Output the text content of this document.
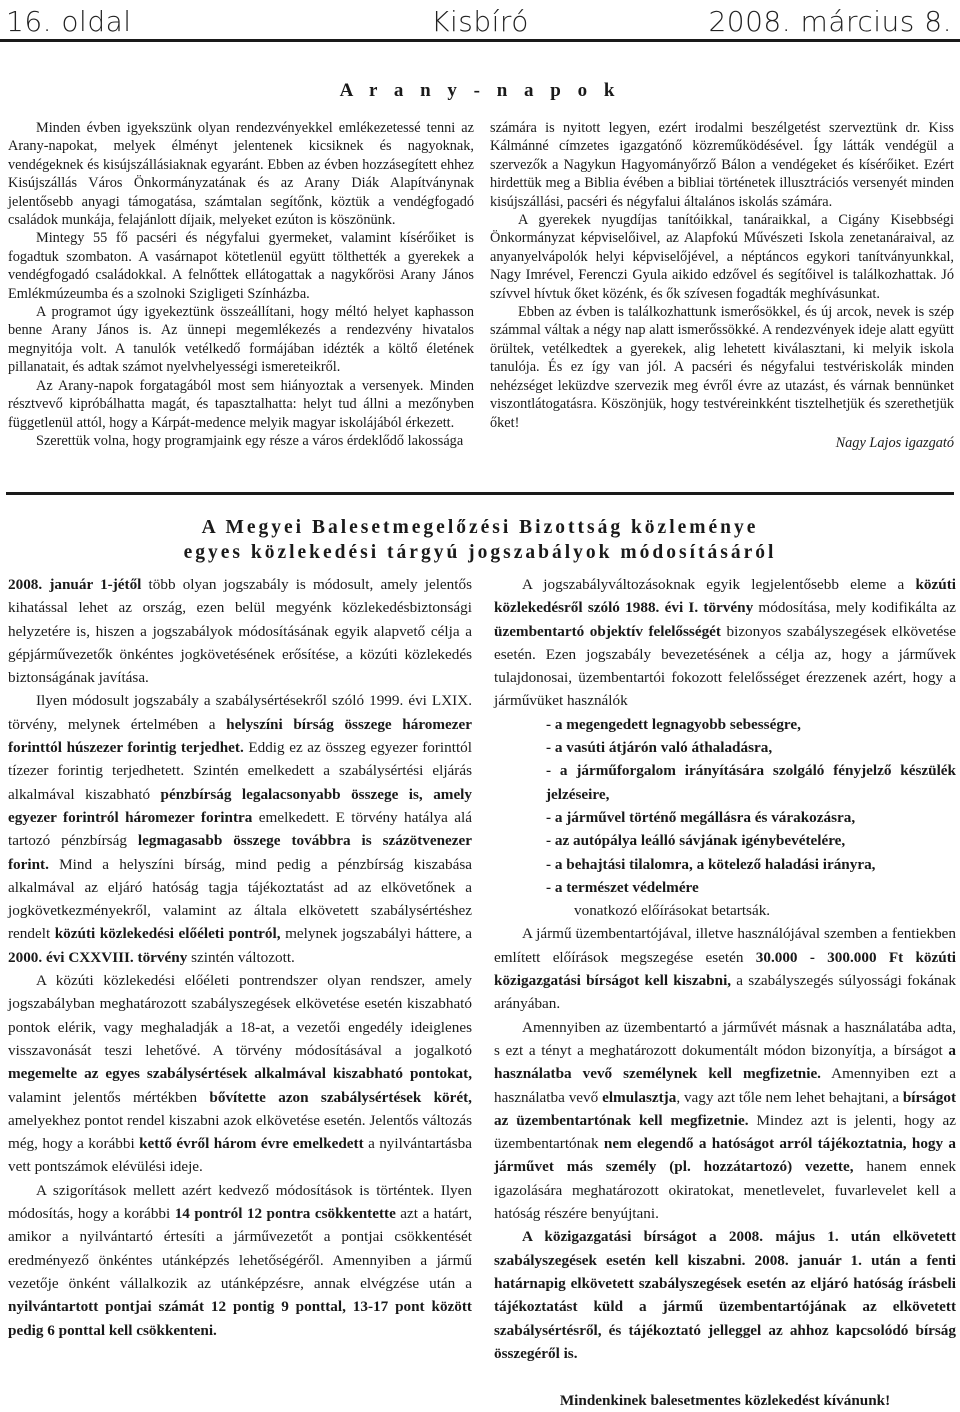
16. oldal	Kisbíró	2008. március 8.
A r a n y - n a p o k

Minden évben igyekszünk olyan rendezvényekkel emlékezetessé tenni az Arany-napokat, melyek élményt jelentenek kicsiknek és nagyoknak, vendégeknek és kisújszállásiaknak egyaránt. Ebben az évben hozzásegített ehhez Kisújszállás Város Önkormányzatának és az Arany Diák Alapítványnak jelentősebb anyagi támogatása, számtalan segítőnk, köztük a vendégfogadó családok munkája, felajánlott díjaik, melyeket ezúton is köszönünk.

Mintegy 55 fő pacséri és négyfalui gyermeket, valamint kísérőiket is fogadtuk szombaton. A vasárnapot kötetlenül együtt tölthették a gyerekek a vendégfogadó családokkal. A felnőttek ellátogattak a nagykőrösi Arany János Emlékmúzeumba és a szolnoki Szigligeti Színházba.

A programot úgy igyekeztünk összeállítani, hogy méltó helyet kaphasson benne Arany János is. Az ünnepi megemlékezés a rendezvény hivatalos megnyitója volt. A tanulók vetélkedő formájában idézték a költő életének pillanatait, és adtak számot nyelvhelyességi ismereteikről.

Az Arany-napok forgatagából most sem hiányoztak a versenyek. Minden résztvevő kipróbálhatta magát, és tapasztalhatta: helyt tud állni a mezőnyben függetlenül attól, hogy a Kárpát-medence melyik magyar iskolájából érkezett.

Szerettük volna, hogy programjaink egy része a város érdeklődő lakossága

számára is nyitott legyen, ezért irodalmi beszélgetést szerveztünk dr. Kiss Kálmánné címzetes igazgatónő közreműködésével. Így látták vendégül a szervezők a Nagykun Hagyományőrző Bálon a vendégeket és kísérőiket. Ezért hirdettük meg a Biblia évében a bibliai történetek illusztrációs versenyét minden kisújszállási, pacséri és négyfalui általános iskolás számára.

A gyerekek nyugdíjas tanítóikkal, tanáraikkal, a Cigány Kisebbségi Önkormányzat képviselőivel, az Alapfokú Művészeti Iskola zenetanáraival, az anyanyelvápolók helyi képviselőjével, a néptáncos egykori tanítványunkkal, Nagy Imrével, Ferenczi Gyula aikido edzővel és segítőivel is találkozhattak. Jó szívvel hívtuk őket közénk, és ők szívesen fogadták meghívásunkat.

Ebben az évben is találkozhattunk ismerősökkel, és új arcok, nevek is szép számmal váltak a négy nap alatt ismerőssökké. A rendezvények ideje alatt együtt örültek, vetélkedtek a gyerekek, alig lehetett kiválasztani, ki melyik iskola tanulója. És ez így van jól. A pacséri és négyfalui testvériskolák minden nehézséget leküzdve szervezik meg évről évre az utazást, és várnak bennünket viszontlátogatásra. Köszönjük, hogy testvéreinkként tisztelhetjük és szerethetjük őket!

Nagy Lajos igazgató

A Megyei Balesetmegelőzési Bizottság közleménye
egyes közlekedési tárgyú jogszabályok módosításáról

2008. január 1-jétől több olyan jogszabály is módosult, amely jelentős kihatással lehet az ország, ezen belül megyénk közlekedésbiztonsági helyzetére is, hiszen a jogszabályok módosításának egyik alapvető célja a gépjárművezetők önkéntes jogkövetésének erősítése, a közúti közlekedés biztonságának javítása.

Ilyen módosult jogszabály a szabálysértésekről szóló 1999. évi LXIX. törvény, melynek értelmében a helyszíni bírság összege háromezer forinttól húszezer forintig terjedhet. Eddig ez az összeg egyezer forinttól tízezer forintig terjedhetett. Szintén emelkedett a szabálysértési eljárás alkalmával kiszabható pénzbírság legalacsonyabb összege is, amely egyezer forintról háromezer forintra emelkedett. E törvény hatálya alá tartozó pénzbírság legmagasabb összege továbbra is százötvenezer forint. Mind a helyszíni bírság, mind pedig a pénzbírság kiszabása alkalmával az eljáró hatóság tagja tájékoztatást ad az elkövetőnek a jogkövetkezményekről, valamint az általa elkövetett szabálysértéshez rendelt közúti közlekedési előéleti pontról, melynek jogszabályi háttere, a 2000. évi CXXVIII. törvény szintén változott.

A közúti közlekedési előéleti pontrendszer olyan rendszer, amely jogszabályban meghatározott szabályszegések elkövetése esetén kiszabható pontok elérik, vagy meghaladják a 18-at, a vezetői engedély ideiglenes visszavonását teszi lehetővé. A törvény módosításával a jogalkotó megemelte az egyes szabálysértések alkalmával kiszabható pontokat, valamint jelentős mértékben bővítette azon szabálysértések körét, amelyekhez pontot rendel kiszabni azok elkövetése esetén. Jelentős változás még, hogy a korábbi kettő évről három évre emelkedett a nyilvántartásba vett pontszámok elévülési ideje.

A szigorítások mellett azért kedvező módosítások is történtek. Ilyen módosítás, hogy a korábbi 14 pontról 12 pontra csökkentette azt a határt, amikor a nyilvántartó értesíti a járművezetőt a pontjai csökkentését eredményező önkéntes utánképzés lehetőségéről. Amennyiben a jármű vezetője önként vállalkozik az utánképzésre, annak elvégzése után a nyilvántartott pontjai számát 12 pontig 9 ponttal, 13-17 pont között pedig 6 ponttal kell csökkenteni.

A jogszabályváltozásoknak egyik legjelentősebb eleme a közúti közlekedésről szóló 1988. évi I. törvény módosítása, mely kodifikálta az üzembentartó objektív felelősségét bizonyos szabályszegések elkövetése esetén. Ezen jogszabály bevezetésének a célja az, hogy a járművek tulajdonosai, üzembentartói fokozott felelősséget érezzenek azért, hogy a járművüket használók

- a megengedett legnagyobb sebességre,
- a vasúti átjárón való áthaladásra,
- a járműforgalom irányítására szolgáló fényjelző készülék jelzéseire,
- a járművel történő megállásra és várakozásra,
- az autópálya leálló sávjának igénybevételére,
- a behajtási tilalomra, a kötelező haladási irányra,
- a természet védelmére

vonatkozó előírásokat betartsák.

A jármű üzembentartójával, illetve használójával szemben a fentiekben említett előírások megszegése esetén 30.000 - 300.000 Ft közúti közigazgatási bírságot kell kiszabni, a szabályszegés súlyossági fokának arányában.

Amennyiben az üzembentartó a járművét másnak a használatába adta, s ezt a tényt a meghatározott dokumentált módon bizonyítja, a bírságot a használatba vevő személynek kell megfizetnie. Amennyiben ezt a használatba vevő elmulasztja, vagy azt tőle nem lehet behajtani, a bírságot az üzembentartónak kell megfizetnie. Mindez azt is jelenti, hogy az üzembentartónak nem elegendő a hatóságot arról tájékoztatnia, hogy a járművet más személy (pl. hozzátartozó) vezette, hanem ennek igazolására meghatározott okiratokat, menetlevelet, fuvarlevelet kell a hatóság részére benyújtani.

A közigazgatási bírságot a 2008. május 1. után elkövetett szabályszegések esetén kell kiszabni. 2008. január 1. után a fenti határnapig elkövetett szabályszegések esetén az eljáró hatóság írásbeli tájékoztatást küld a jármű üzembentartójának az elkövetett szabálysértésről, és tájékoztató jelleggel az ahhoz kapcsolódó bírság összegéről is.

Mindenkinek balesetmentes közlekedést kívánunk!
